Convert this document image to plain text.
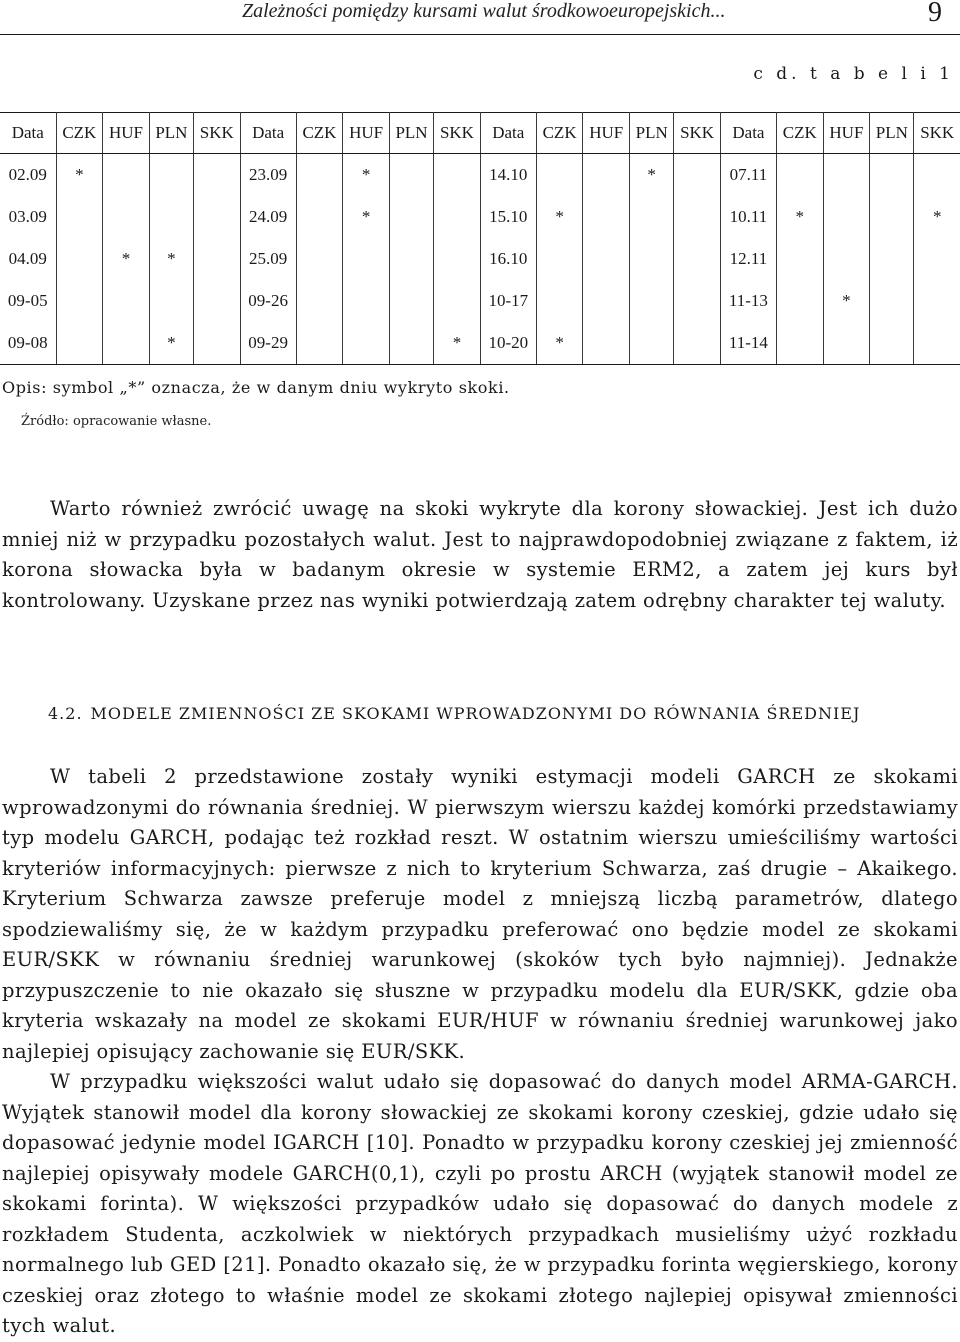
Zależności pomiędzy kursami walut środkowoeuropejskich...	9
c d. t a b e l i 1
Data	CZK	HUF	PLN	SKK	Data	CZK	HUF	PLN	SKK	Data	CZK	HUF	PLN	SKK	Data	CZK	HUF	PLN	SKK
02.09	*				23.09		*			14.10			*		07.11				
03.09					24.09		*			15.10	*				10.11	*			*
04.09		*	*		25.09					16.10					12.11				
09-05					09-26					10-17					11-13		*		
09-08			*		09-29				*	10-20	*				11-14				
Opis: symbol „*” oznacza, że w danym dniu wykryto skoki.
Źródło: opracowanie własne.

Warto również zwrócić uwagę na skoki wykryte dla korony słowackiej. Jest ich dużo mniej niż w przypadku pozostałych walut. Jest to najprawdopodobniej związane z faktem, iż korona słowacka była w badanym okresie w systemie ERM2, a zatem jej kurs był kontrolowany. Uzyskane przez nas wyniki potwierdzają zatem odrębny charakter tej waluty.

4.2. MODELE ZMIENNOŚCI ZE SKOKAMI WPROWADZONYMI DO RÓWNANIA ŚREDNIEJ

W tabeli 2 przedstawione zostały wyniki estymacji modeli GARCH ze skokami wprowadzonymi do równania średniej. W pierwszym wierszu każdej komórki przedstawiamy typ modelu GARCH, podając też rozkład reszt. W ostatnim wierszu umieściliśmy wartości kryteriów informacyjnych: pierwsze z nich to kryterium Schwarza, zaś drugie – Akaikego. Kryterium Schwarza zawsze preferuje model z mniejszą liczbą parametrów, dlatego spodziewaliśmy się, że w każdym przypadku preferować ono będzie model ze skokami EUR/SKK w równaniu średniej warunkowej (skoków tych było najmniej). Jednakże przypuszczenie to nie okazało się słuszne w przypadku modelu dla EUR/SKK, gdzie oba kryteria wskazały na model ze skokami EUR/HUF w równaniu średniej warunkowej jako najlepiej opisujący zachowanie się EUR/SKK.

W przypadku większości walut udało się dopasować do danych model ARMA-GARCH. Wyjątek stanowił model dla korony słowackiej ze skokami korony czeskiej, gdzie udało się dopasować jedynie model IGARCH [10]. Ponadto w przypadku korony czeskiej jej zmienność najlepiej opisywały modele GARCH(0,1), czyli po prostu ARCH (wyjątek stanowił model ze skokami forinta). W większości przypadków udało się dopasować do danych modele z rozkładem Studenta, aczkolwiek w niektórych przypadkach musieliśmy użyć rozkładu normalnego lub GED [21]. Ponadto okazało się, że w przypadku forinta węgierskiego, korony czeskiej oraz złotego to właśnie model ze skokami złotego najlepiej opisywał zmienności tych walut.
